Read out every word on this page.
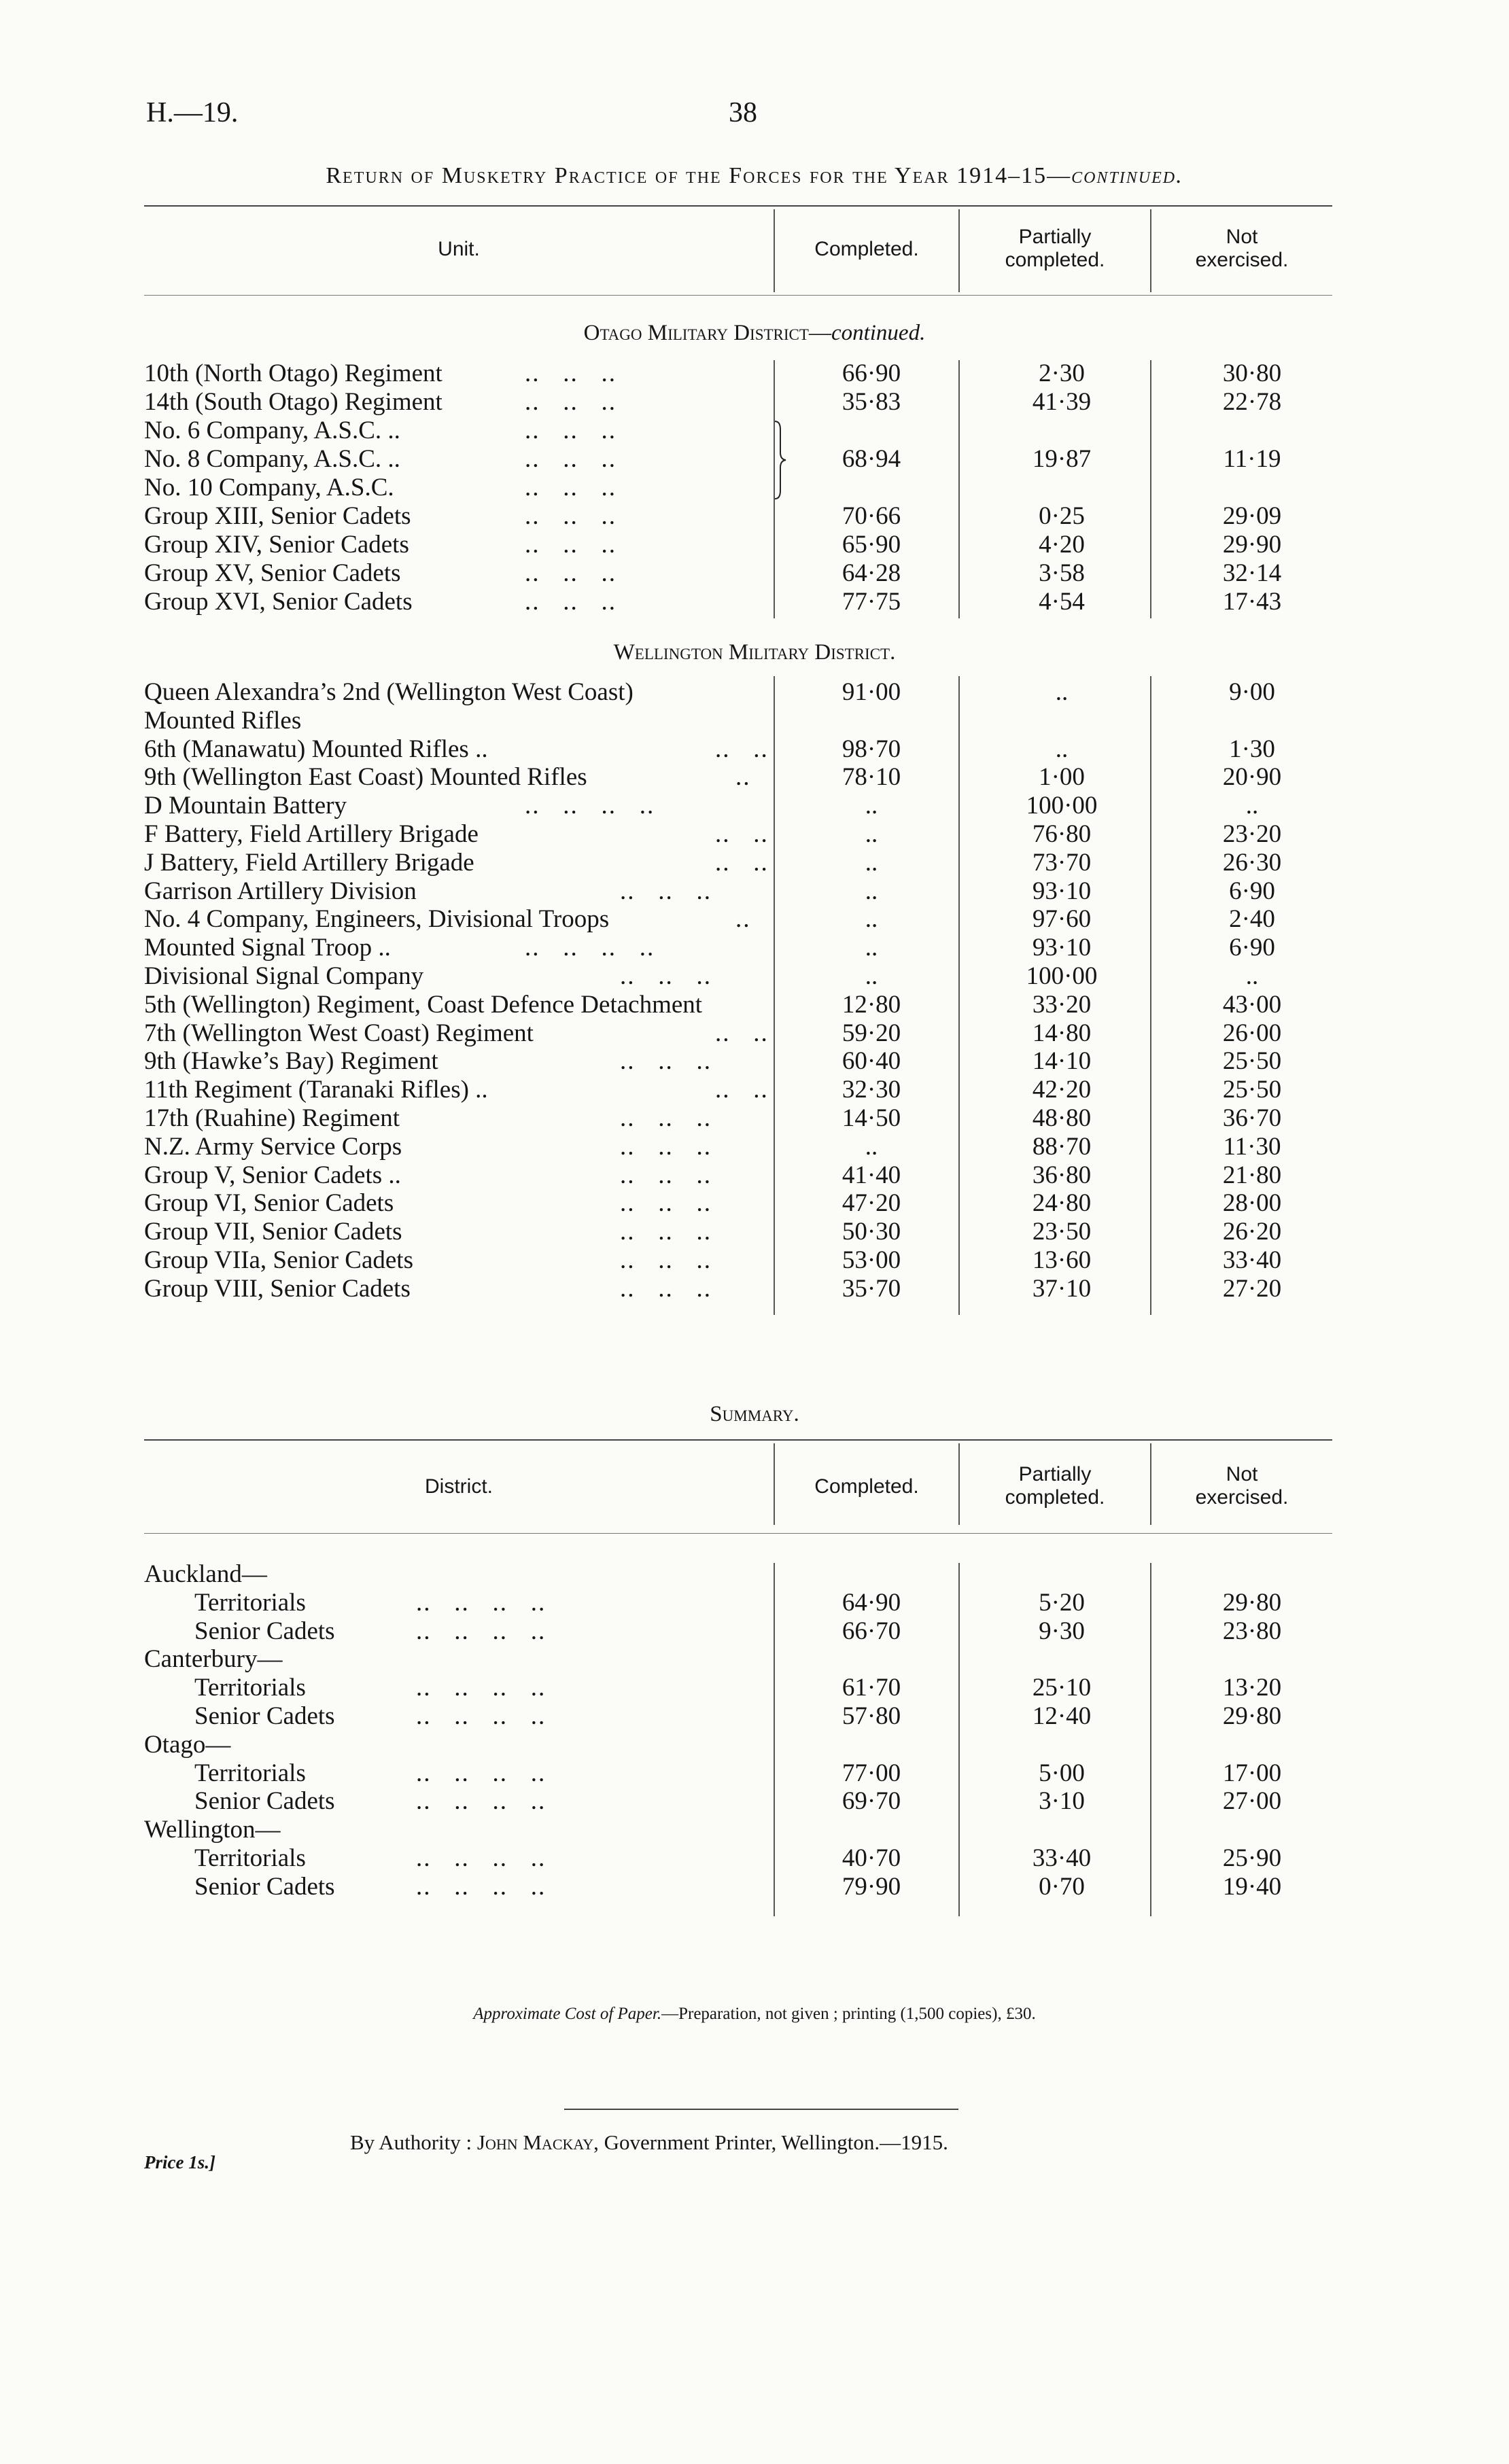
H.—19.	38
Return of Musketry Practice of the Forces for the Year 1914–15—continued.
Unit.	Completed.
Partially
completed.
Not
exercised.
Otago Military District—continued.
10th (North Otago) Regiment	..   ..   ..	66·90	2·30	30·80
14th (South Otago) Regiment	..   ..   ..	35·83	41·39	22·78
No. 6 Company, A.S.C. ..	..   ..   ..
No. 8 Company, A.S.C. ..	..   ..   ..	68·94	19·87	11·19
No. 10 Company, A.S.C.	..   ..   ..
Group XIII, Senior Cadets	..   ..   ..	70·66	0·25	29·09
Group XIV, Senior Cadets	..   ..   ..	65·90	4·20	29·90
Group XV, Senior Cadets	..   ..   ..	64·28	3·58	32·14
Group XVI, Senior Cadets	..   ..   ..	77·75	4·54	17·43
Wellington Military District.
Queen Alexandra’s 2nd (Wellington West Coast)	91·00	..	9·00
Mounted Rifles
6th (Manawatu) Mounted Rifles ..	..   ..	98·70	..	1·30
9th (Wellington East Coast) Mounted Rifles	..	78·10	1·00	20·90
D Mountain Battery	..   ..   ..   ..	..	100·00	..
F Battery, Field Artillery Brigade	..   ..	..	76·80	23·20
J Battery, Field Artillery Brigade	..   ..	..	73·70	26·30
Garrison Artillery Division	..   ..   ..	..	93·10	6·90
No. 4 Company, Engineers, Divisional Troops	..	..	97·60	2·40
Mounted Signal Troop ..	..   ..   ..   ..	..	93·10	6·90
Divisional Signal Company	..   ..   ..	..	100·00	..
5th (Wellington) Regiment, Coast Defence Detachment	12·80	33·20	43·00
7th (Wellington West Coast) Regiment	..   ..	59·20	14·80	26·00
9th (Hawke’s Bay) Regiment	..   ..   ..	60·40	14·10	25·50
11th Regiment (Taranaki Rifles) ..	..   ..	32·30	42·20	25·50
17th (Ruahine) Regiment	..   ..   ..	14·50	48·80	36·70
N.Z. Army Service Corps	..   ..   ..	..	88·70	11·30
Group V, Senior Cadets ..	..   ..   ..	41·40	36·80	21·80
Group VI, Senior Cadets	..   ..   ..	47·20	24·80	28·00
Group VII, Senior Cadets	..   ..   ..	50·30	23·50	26·20
Group VIIa, Senior Cadets	..   ..   ..	53·00	13·60	33·40
Group VIII, Senior Cadets	..   ..   ..	35·70	37·10	27·20
Summary.
District.	Completed.
Partially
completed.
Not
exercised.
Auckland—
Territorials	..   ..   ..   ..	64·90	5·20	29·80
Senior Cadets	..   ..   ..   ..	66·70	9·30	23·80
Canterbury—
Territorials	..   ..   ..   ..	61·70	25·10	13·20
Senior Cadets	..   ..   ..   ..	57·80	12·40	29·80
Otago—
Territorials	..   ..   ..   ..	77·00	5·00	17·00
Senior Cadets	..   ..   ..   ..	69·70	3·10	27·00
Wellington—
Territorials	..   ..   ..   ..	40·70	33·40	25·90
Senior Cadets	..   ..   ..   ..	79·90	0·70	19·40
Approximate Cost of Paper.—Preparation, not given ; printing (1,500 copies), £30.
By Authority : John Mackay, Government Printer, Wellington.—1915.
Price 1s.]
